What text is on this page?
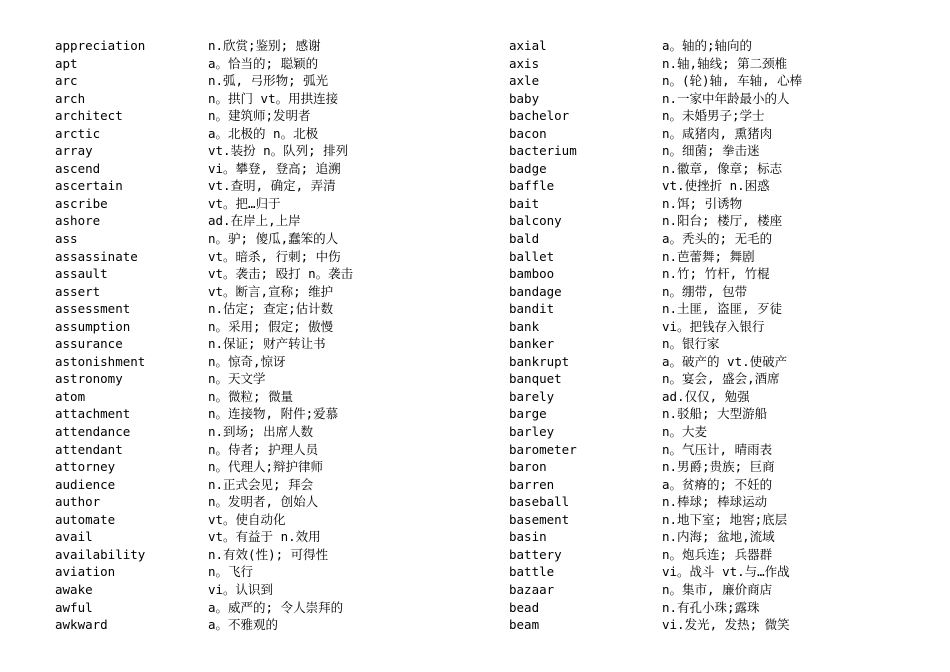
appreciation	n.欣赏;鉴别; 感谢
apt	a。恰当的; 聪颖的
arc	n.弧, 弓形物; 弧光
arch	n。拱门 vt。用拱连接
architect	n。建筑师;发明者
arctic	a。北极的 n。北极
array	vt.装扮 n。队列; 排列
ascend	vi。攀登, 登高; 追溯
ascertain	vt.查明, 确定, 弄清
ascribe	vt。把…归于
ashore	ad.在岸上,上岸
ass	n。驴; 傻瓜,蠢笨的人
assassinate	vt。暗杀, 行刺; 中伤
assault	vt。袭击; 殴打 n。袭击
assert	vt。断言,宣称; 维护
assessment	n.估定; 查定;估计数
assumption	n。采用; 假定; 傲慢
assurance	n.保证; 财产转让书
astonishment	n。惊奇,惊讶
astronomy	n。天文学
atom	n。微粒; 微量
attachment	n。连接物, 附件;爱慕
attendance	n.到场; 出席人数
attendant	n。侍者; 护理人员
attorney	n。代理人;辩护律师
audience	n.正式会见; 拜会
author	n。发明者, 创始人
automate	vt。使自动化
avail	vt。有益于 n.效用
availability	n.有效(性); 可得性
aviation	n。飞行
awake	vi。认识到
awful	a。威严的; 令人崇拜的
awkward	a。不雅观的
axial	a。轴的;轴向的
axis	n.轴,轴线; 第二颈椎
axle	n。(轮)轴, 车轴, 心棒
baby	n.一家中年龄最小的人
bachelor	n。未婚男子;学士
bacon	n。咸猪肉, 熏猪肉
bacterium	n。细菌; 拳击迷
badge	n.徽章, 像章; 标志
baffle	vt.使挫折 n.困惑
bait	n.饵; 引诱物
balcony	n.阳台; 楼厅, 楼座
bald	a。秃头的; 无毛的
ballet	n.芭蕾舞; 舞剧
bamboo	n.竹; 竹杆, 竹棍
bandage	n。绷带, 包带
bandit	n.土匪, 盗匪, 歹徒
bank	vi。把钱存入银行
banker	n。银行家
bankrupt	a。破产的 vt.使破产
banquet	n。宴会, 盛会,酒席
barely	ad.仅仅, 勉强
barge	n.驳船; 大型游船
barley	n。大麦
barometer	n。气压计, 晴雨表
baron	n.男爵;贵族; 巨商
barren	a。贫瘠的; 不妊的
baseball	n.棒球; 棒球运动
basement	n.地下室; 地窖;底层
basin	n.内海; 盆地,流域
battery	n。炮兵连; 兵器群
battle	vi。战斗 vt.与…作战
bazaar	n。集市, 廉价商店
bead	n.有孔小珠;露珠
beam	vi.发光, 发热; 微笑
